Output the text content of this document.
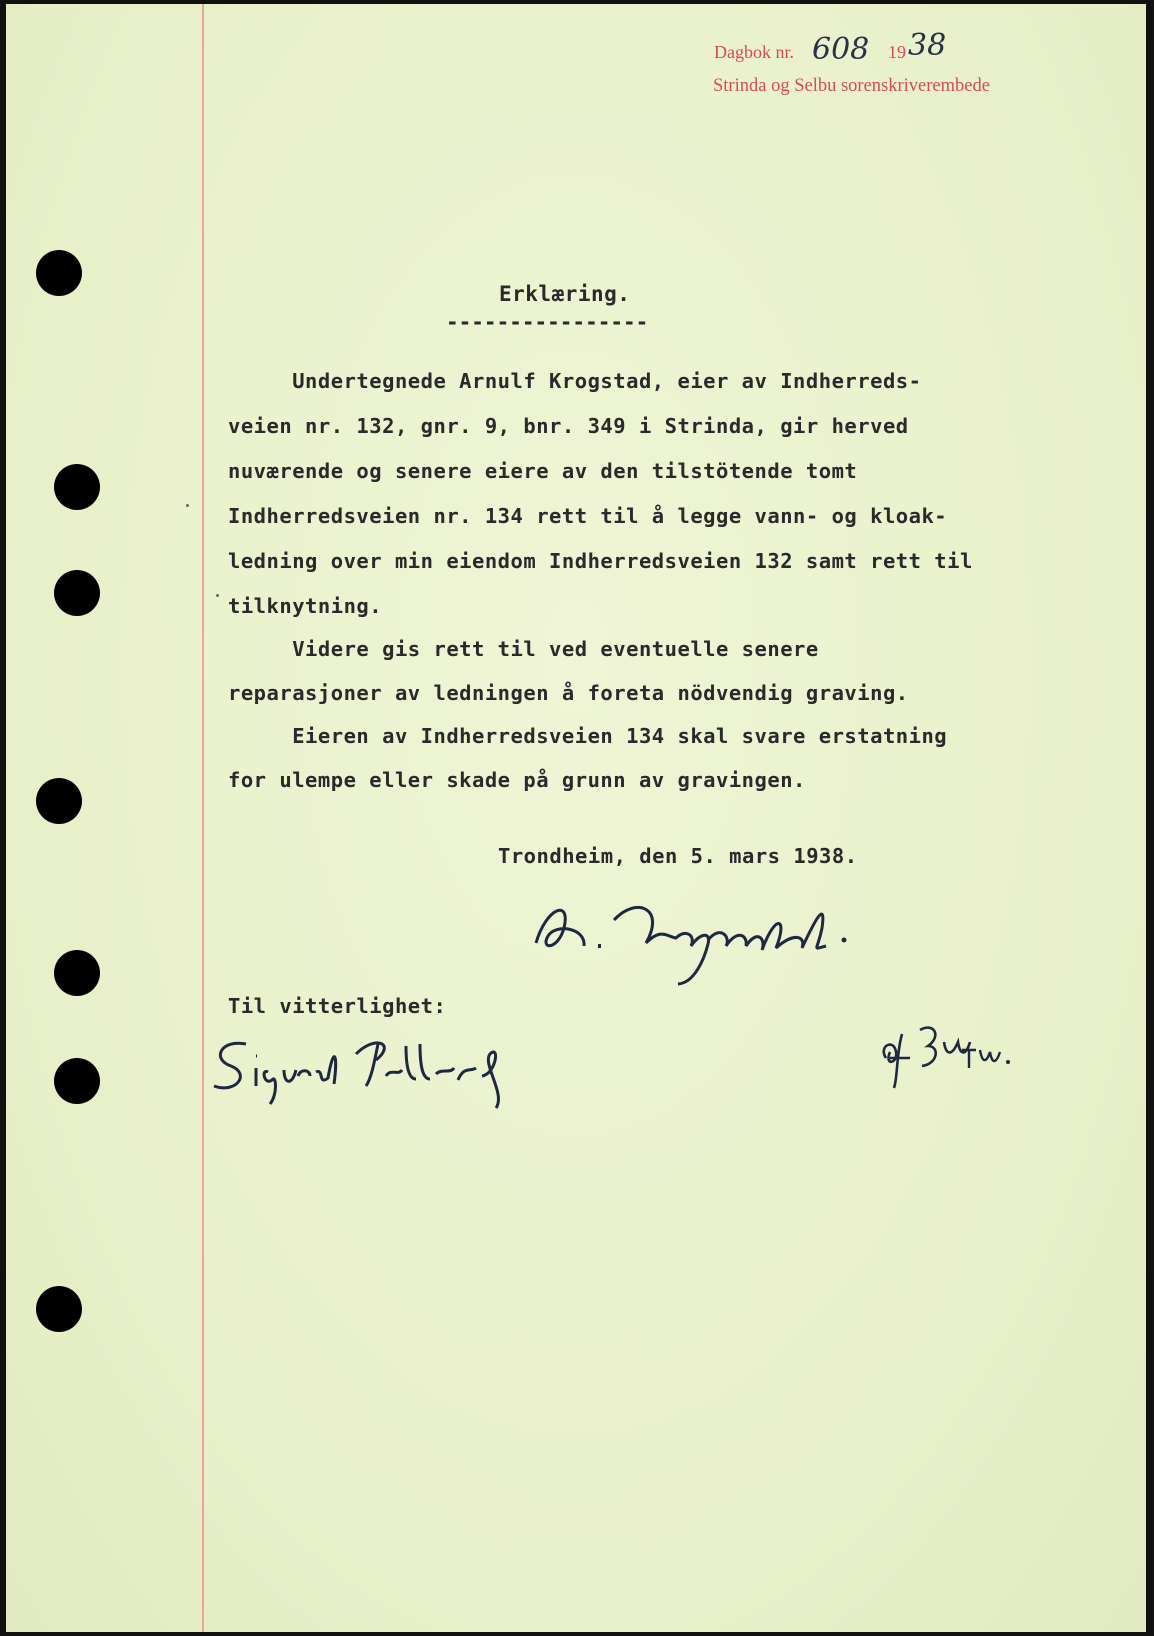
Dagbok nr. 608 19 38
Strinda og Selbu sorenskriverembede
Erklæring.
----------------
Undertegnede Arnulf Krogstad, eier av Indherreds-
veien nr. 132, gnr. 9, bnr. 349 i Strinda, gir herved
nuværende og senere eiere av den tilstötende tomt
Indherredsveien nr. 134 rett til å legge vann- og kloak-
ledning over min eiendom Indherredsveien 132 samt rett til
tilknytning.
Videre gis rett til ved eventuelle senere
reparasjoner av ledningen å foreta nödvendig graving.
Eieren av Indherredsveien 134 skal svare erstatning
for ulempe eller skade på grunn av gravingen.
Trondheim, den 5. mars 1938.
Til vitterlighet:
